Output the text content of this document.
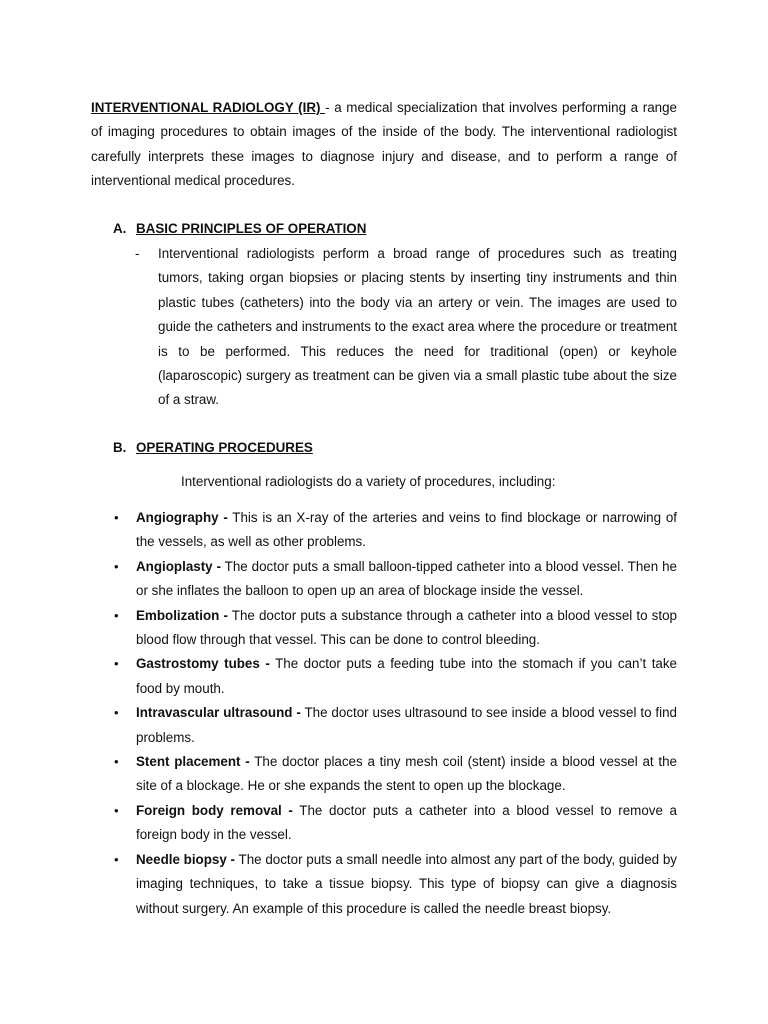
INTERVENTIONAL RADIOLOGY (IR) - a medical specialization that involves performing a range of imaging procedures to obtain images of the inside of the body. The interventional radiologist carefully interprets these images to diagnose injury and disease, and to perform a range of interventional medical procedures.

A. BASIC PRINCIPLES OF OPERATION

- Interventional radiologists perform a broad range of procedures such as treating tumors, taking organ biopsies or placing stents by inserting tiny instruments and thin plastic tubes (catheters) into the body via an artery or vein. The images are used to guide the catheters and instruments to the exact area where the procedure or treatment is to be performed. This reduces the need for traditional (open) or keyhole (laparoscopic) surgery as treatment can be given via a small plastic tube about the size of a straw.

B. OPERATING PROCEDURES

Interventional radiologists do a variety of procedures, including:

• Angiography - This is an X-ray of the arteries and veins to find blockage or narrowing of the vessels, as well as other problems.
• Angioplasty - The doctor puts a small balloon-tipped catheter into a blood vessel. Then he or she inflates the balloon to open up an area of blockage inside the vessel.
• Embolization - The doctor puts a substance through a catheter into a blood vessel to stop blood flow through that vessel. This can be done to control bleeding.
• Gastrostomy tubes - The doctor puts a feeding tube into the stomach if you can’t take food by mouth.
• Intravascular ultrasound - The doctor uses ultrasound to see inside a blood vessel to find problems.
• Stent placement - The doctor places a tiny mesh coil (stent) inside a blood vessel at the site of a blockage. He or she expands the stent to open up the blockage.
• Foreign body removal - The doctor puts a catheter into a blood vessel to remove a foreign body in the vessel.
• Needle biopsy - The doctor puts a small needle into almost any part of the body, guided by imaging techniques, to take a tissue biopsy. This type of biopsy can give a diagnosis without surgery. An example of this procedure is called the needle breast biopsy.
